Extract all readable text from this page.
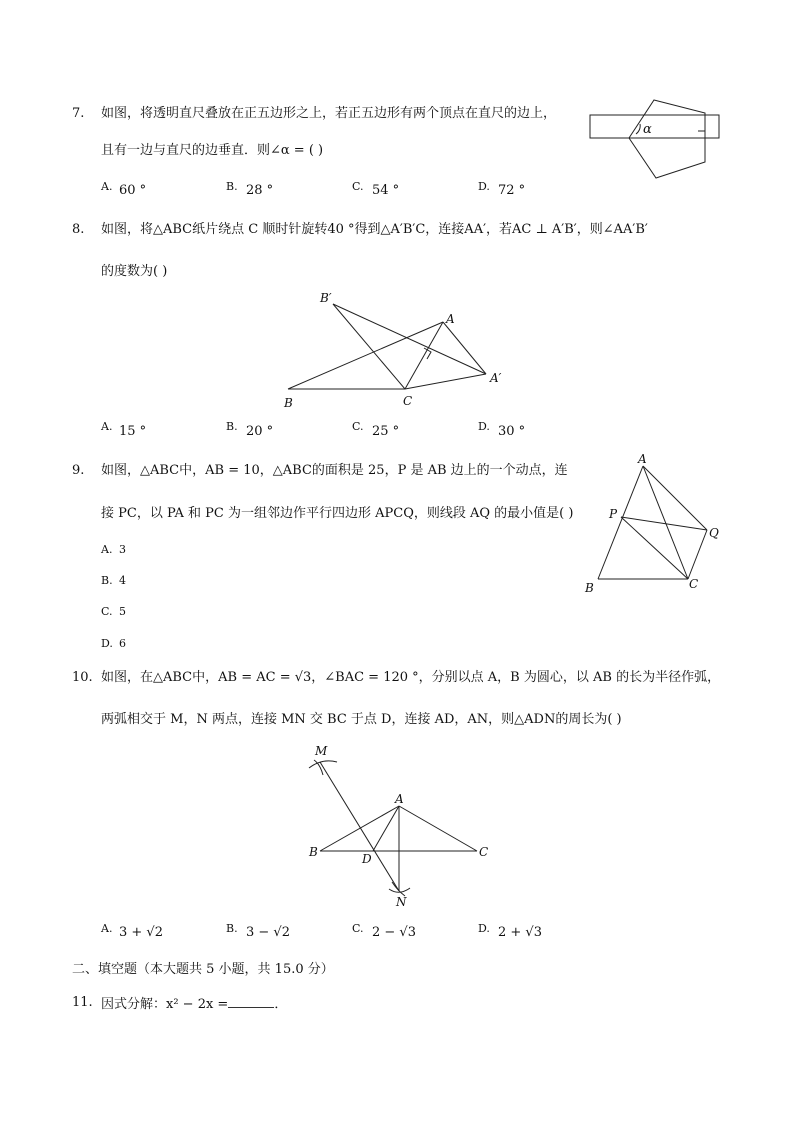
7. 如图，将透明直尺叠放在正五边形之上，若正五边形有两个顶点在直尺的边上，
且有一边与直尺的边垂直．则∠α = ( )
α
A. 60 °	B. 28 °	C. 54 °	D. 72 °
8. 如图，将△ABC纸片绕点 C 顺时针旋转40 °得到△A′B′C，连接AA′，若AC ⊥ A′B′，则∠AA′B′
的度数为( )
B′
A
A′
B	C
A. 15 °	B. 20 °	C. 25 °	D. 30 °
9. 如图，△ABC中，AB = 10，△ABC的面积是 25，P 是 AB 边上的一个动点，连
接 PC，以 PA 和 PC 为一组邻边作平行四边形 APCQ，则线段 AQ 的最小值是( )
A
P
Q
B	C
A. 3
B. 4
C. 5
D. 6
10. 如图，在△ABC中，AB = AC = √3，∠BAC = 120 °，分别以点 A，B 为圆心，以 AB 的长为半径作弧，
两弧相交于 M，N 两点，连接 MN 交 BC 于点 D，连接 AD，AN，则△ADN的周长为( )
M
A
B	D	C
N
A. 3 + √2	B. 3 − √2	C. 2 − √3	D. 2 + √3
二、填空题（本大题共 5 小题，共 15.0 分）
11. 因式分解：x² − 2x =	．
